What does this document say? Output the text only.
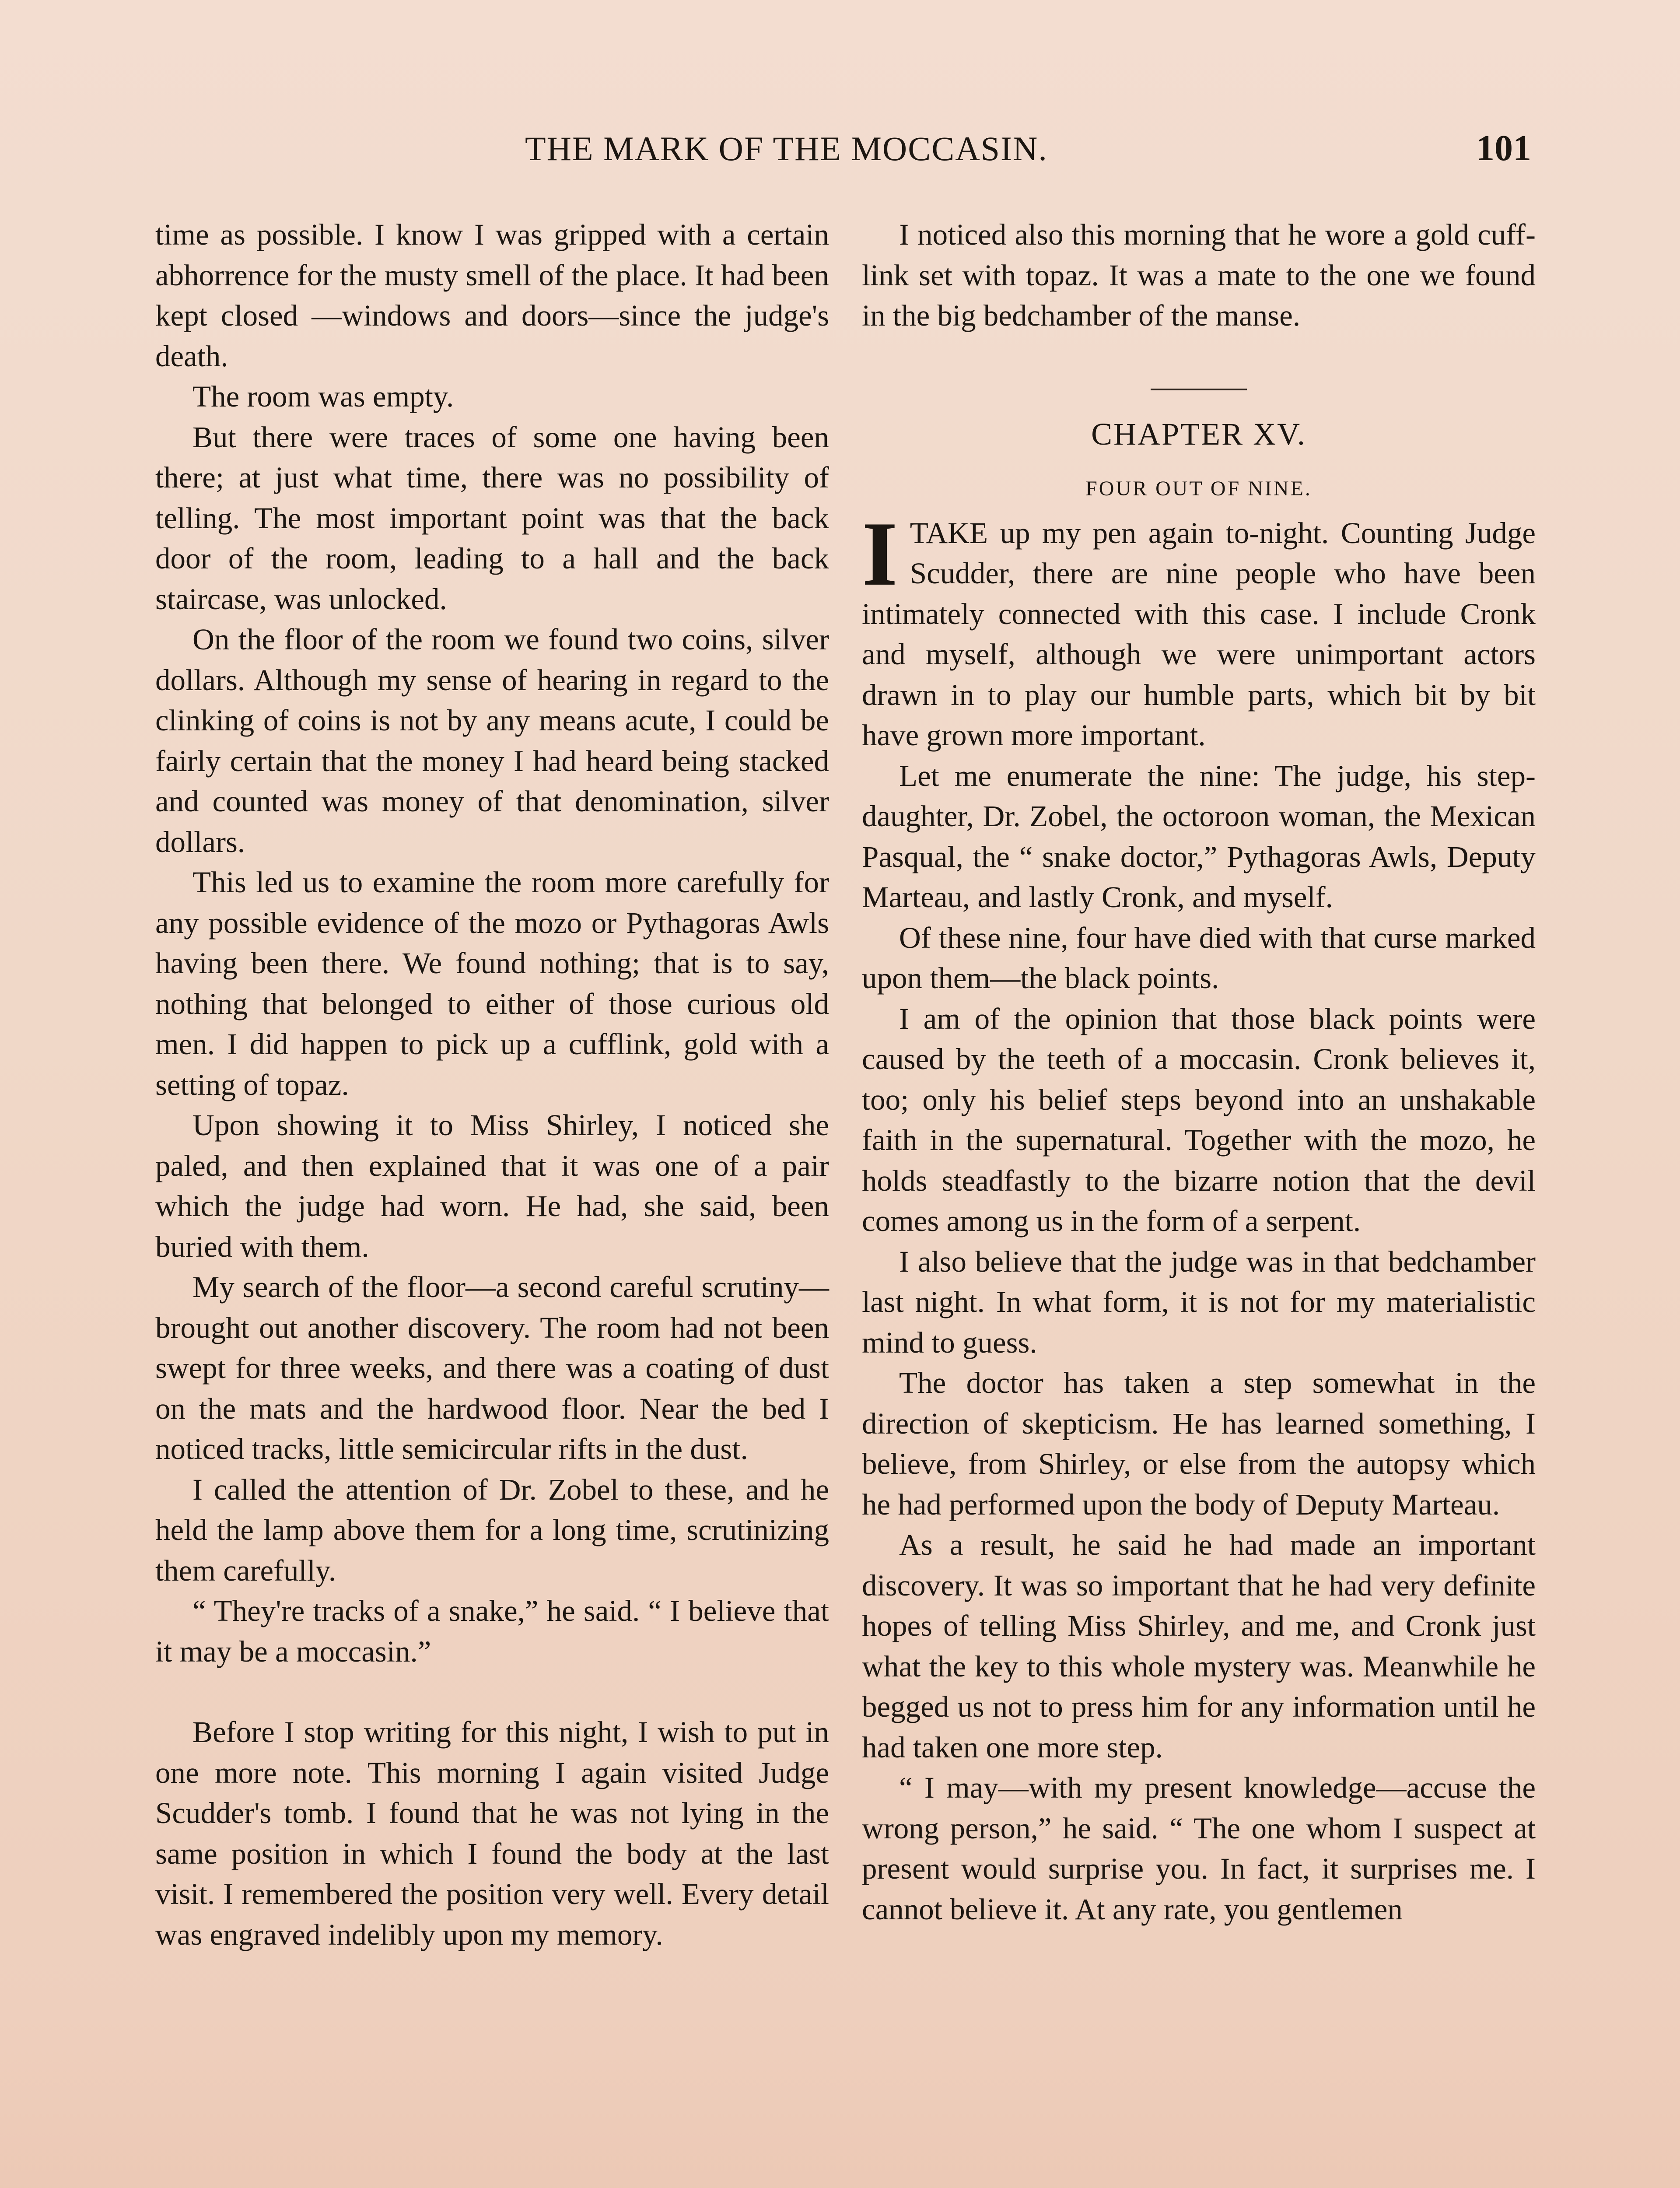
THE MARK OF THE MOCCASIN.	101

time as possible. I know I was gripped with a certain abhorrence for the musty smell of the place. It had been kept closed —windows and doors—since the judge's death.

The room was empty.

But there were traces of some one having been there; at just what time, there was no possibility of telling. The most important point was that the back door of the room, leading to a hall and the back staircase, was unlocked.

On the floor of the room we found two coins, silver dollars. Although my sense of hearing in regard to the clinking of coins is not by any means acute, I could be fairly certain that the money I had heard being stacked and counted was money of that denomination, silver dollars.

This led us to examine the room more carefully for any possible evidence of the mozo or Pythagoras Awls having been there. We found nothing; that is to say, nothing that belonged to either of those curious old men. I did happen to pick up a cufflink, gold with a setting of topaz.

Upon showing it to Miss Shirley, I noticed she paled, and then explained that it was one of a pair which the judge had worn. He had, she said, been buried with them.

My search of the floor—a second careful scrutiny—brought out another discovery. The room had not been swept for three weeks, and there was a coating of dust on the mats and the hardwood floor. Near the bed I noticed tracks, little semicircular rifts in the dust.

I called the attention of Dr. Zobel to these, and he held the lamp above them for a long time, scrutinizing them carefully.

“ They're tracks of a snake,” he said. “ I believe that it may be a moccasin.”

Before I stop writing for this night, I wish to put in one more note. This morning I again visited Judge Scudder's tomb. I found that he was not lying in the same position in which I found the body at the last visit. I remembered the position very well. Every detail was engraved indelibly upon my memory.

I noticed also this morning that he wore a gold cuff-link set with topaz. It was a mate to the one we found in the big bedchamber of the manse.

CHAPTER XV.
FOUR OUT OF NINE.

I TAKE up my pen again to-night. Counting Judge Scudder, there are nine people who have been intimately connected with this case. I include Cronk and myself, although we were unimportant actors drawn in to play our humble parts, which bit by bit have grown more important.

Let me enumerate the nine: The judge, his step-daughter, Dr. Zobel, the octoroon woman, the Mexican Pasqual, the “ snake doctor,” Pythagoras Awls, Deputy Marteau, and lastly Cronk, and myself.

Of these nine, four have died with that curse marked upon them—the black points.

I am of the opinion that those black points were caused by the teeth of a moccasin. Cronk believes it, too; only his belief steps beyond into an unshakable faith in the supernatural. Together with the mozo, he holds steadfastly to the bizarre notion that the devil comes among us in the form of a serpent.

I also believe that the judge was in that bedchamber last night. In what form, it is not for my materialistic mind to guess.

The doctor has taken a step somewhat in the direction of skepticism. He has learned something, I believe, from Shirley, or else from the autopsy which he had performed upon the body of Deputy Marteau.

As a result, he said he had made an important discovery. It was so important that he had very definite hopes of telling Miss Shirley, and me, and Cronk just what the key to this whole mystery was. Meanwhile he begged us not to press him for any information until he had taken one more step.

“ I may—with my present knowledge—accuse the wrong person,” he said. “ The one whom I suspect at present would surprise you. In fact, it surprises me. I cannot believe it. At any rate, you gentlemen
